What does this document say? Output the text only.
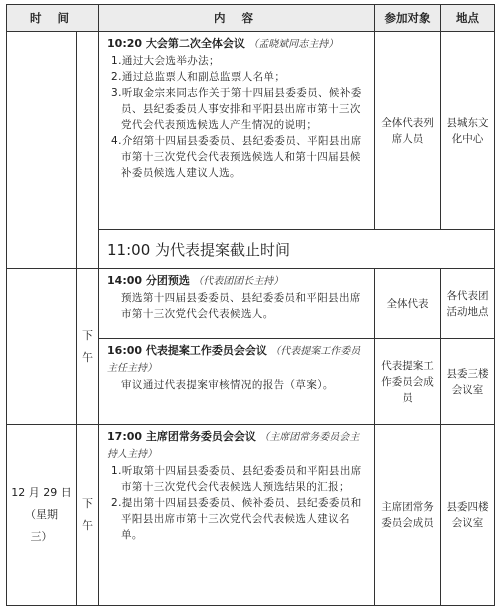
时 间		内 容	参加对象	地点
		10:20 大会第二次全体会议 （孟晓斌同志主持）
1.通过大会选举办法；
2.通过总监票人和副总监票人名单；
3.听取金宗来同志作关于第十四届县委委员、候补委员、县纪委委员人事安排和平阳县出席市第十三次党代会代表预选候选人产生情况的说明；
4.介绍第十四届县委委员、县纪委委员、平阳县出席市第十三次党代会代表预选候选人和第十四届县候补委员候选人建议人选。	全体代表列席人员	县城东文化中心
		11:00 为代表提案截止时间		

	下
午	14:00 分团预选 （代表团团长主持）
预选第十四届县委委员、县纪委委员和平阳县出席市第十三次党代会代表候选人。	全体代表	各代表团活动地点
		16:00 代表提案工作委员会会议 （代表提案工作委员主任主持）
审议通过代表提案审核情况的报告（草案）。	代表提案工作委员会成员	县委三楼会议室

12 月 29 日
（星期
三）	下
午	17:00 主席团常务委员会会议 （主席团常务委员会主持人主持）
1.听取第十四届县委委员、县纪委委员和平阳县出席市第十三次党代会代表候选人预选结果的汇报；
2.提出第十四届县委委员、候补委员、县纪委委员和平阳县出席市第十三次党代会代表候选人建议名单。	主席团常务委员会成员	县委四楼会议室
